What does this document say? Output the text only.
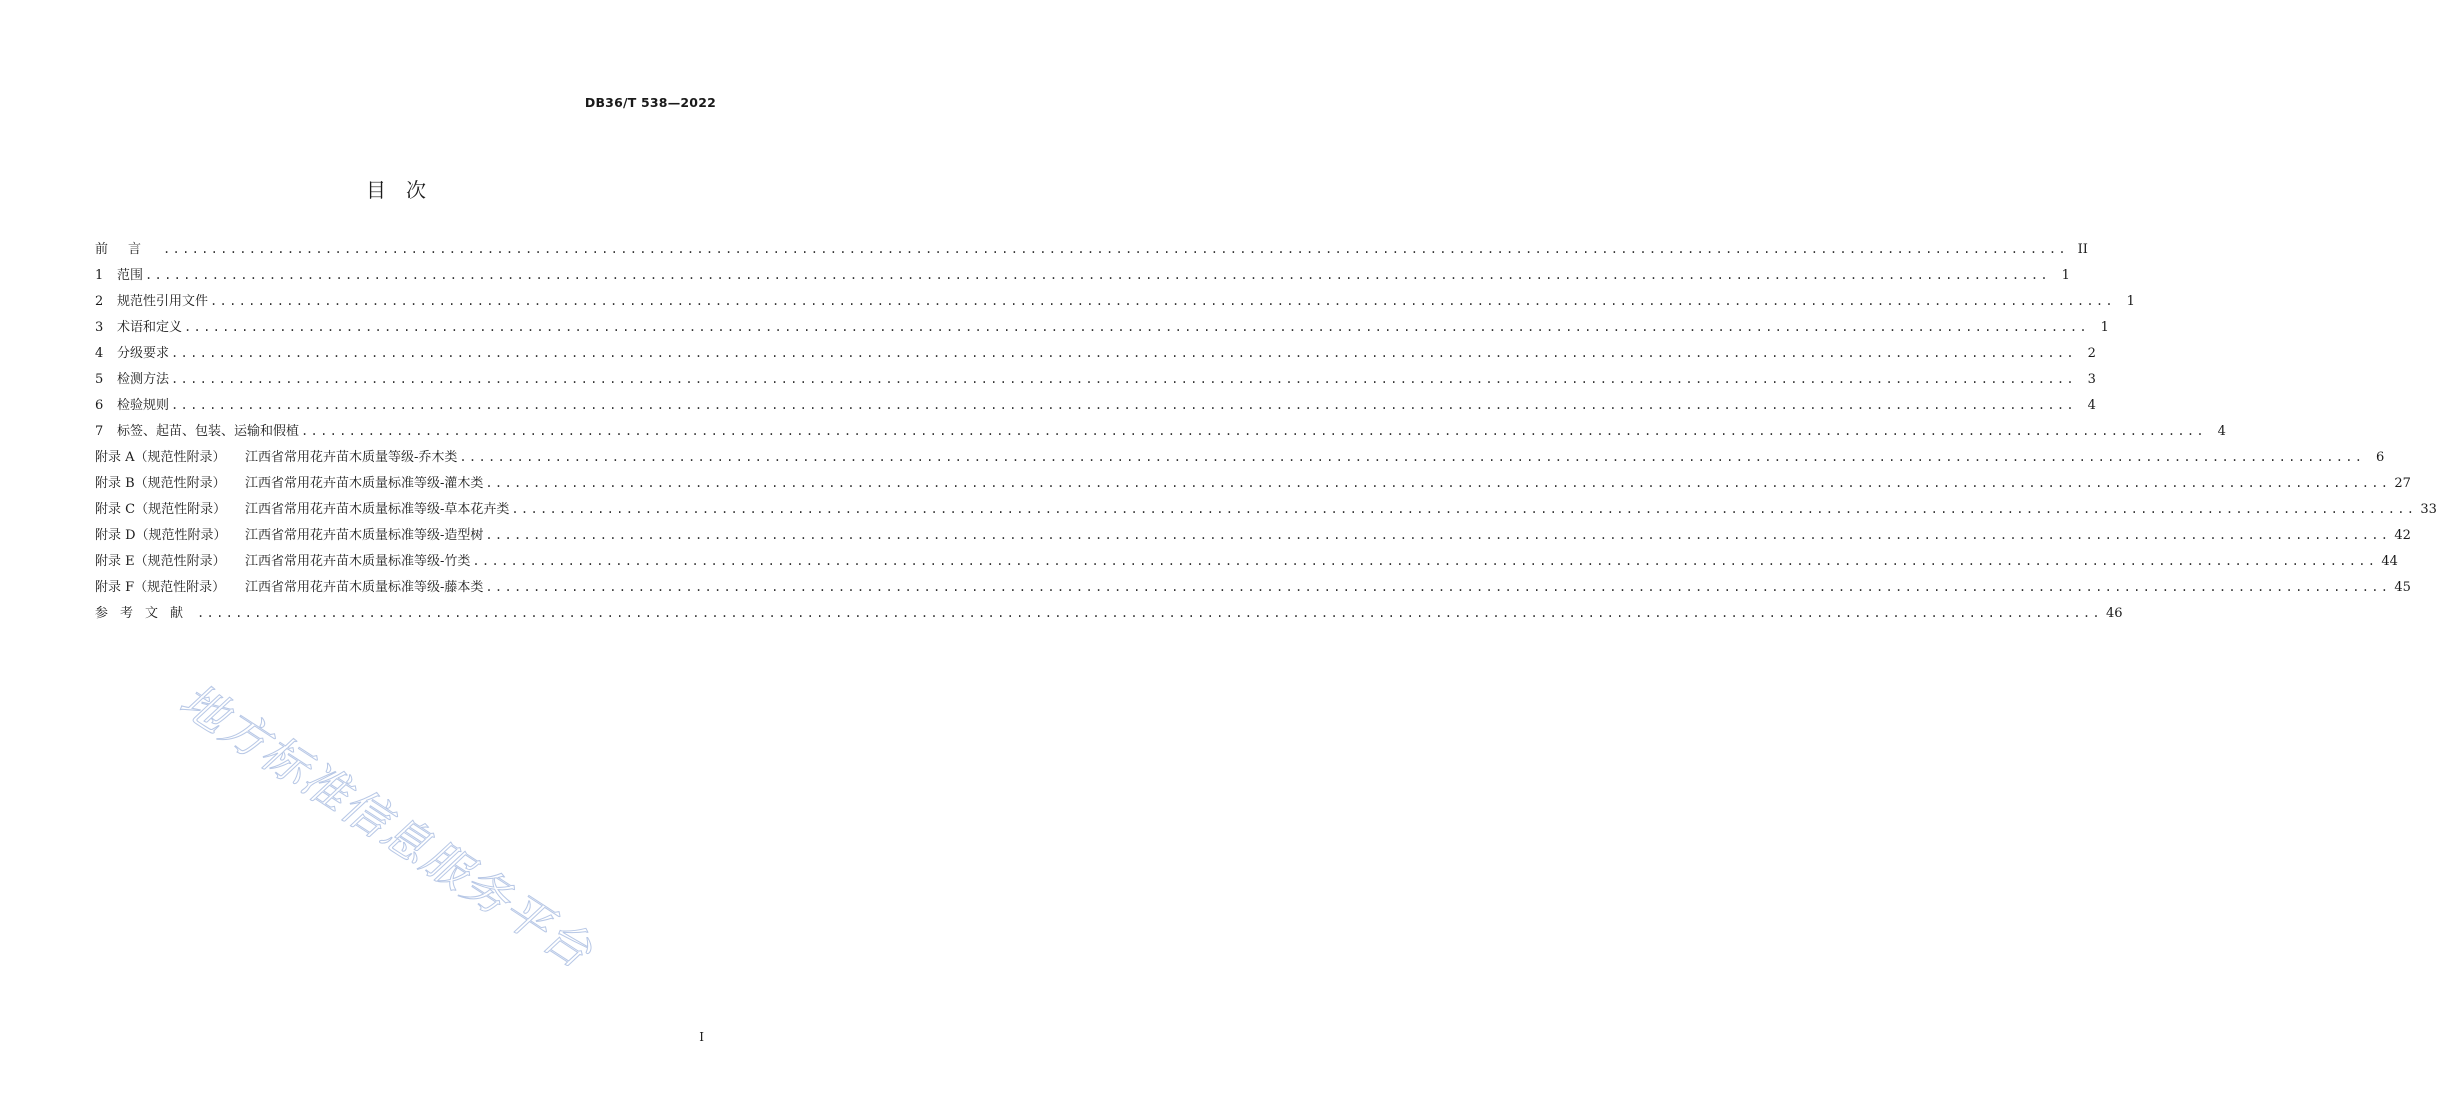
DB36/T 538—2022
目次
前言 ........................................................................................................................................................................................................ II
1 范围 ........................................................................................................................................................................................................ 1
2 规范性引用文件 ........................................................................................................................................................................................................ 1
3 术语和定义 ........................................................................................................................................................................................................ 1
4 分级要求 ........................................................................................................................................................................................................ 2
5 检测方法 ........................................................................................................................................................................................................ 3
6 检验规则 ........................................................................................................................................................................................................ 4
7 标签、起苗、包装、运输和假植 ........................................................................................................................................................................................................ 4
附录 A（规范性附录） 江西省常用花卉苗木质量等级-乔木类 ........................................................................................................................................................................................................ 6
附录 B（规范性附录） 江西省常用花卉苗木质量标准等级-灌木类 ........................................................................................................................................................................................................ 27
附录 C（规范性附录） 江西省常用花卉苗木质量标准等级-草本花卉类 ........................................................................................................................................................................................................ 33
附录 D（规范性附录） 江西省常用花卉苗木质量标准等级-造型树 ........................................................................................................................................................................................................ 42
附录 E（规范性附录） 江西省常用花卉苗木质量标准等级-竹类 ........................................................................................................................................................................................................ 44
附录 F（规范性附录） 江西省常用花卉苗木质量标准等级-藤本类 ........................................................................................................................................................................................................ 45
参考文献 ........................................................................................................................................................................................................ 46
地方标准信息服务平台
I
